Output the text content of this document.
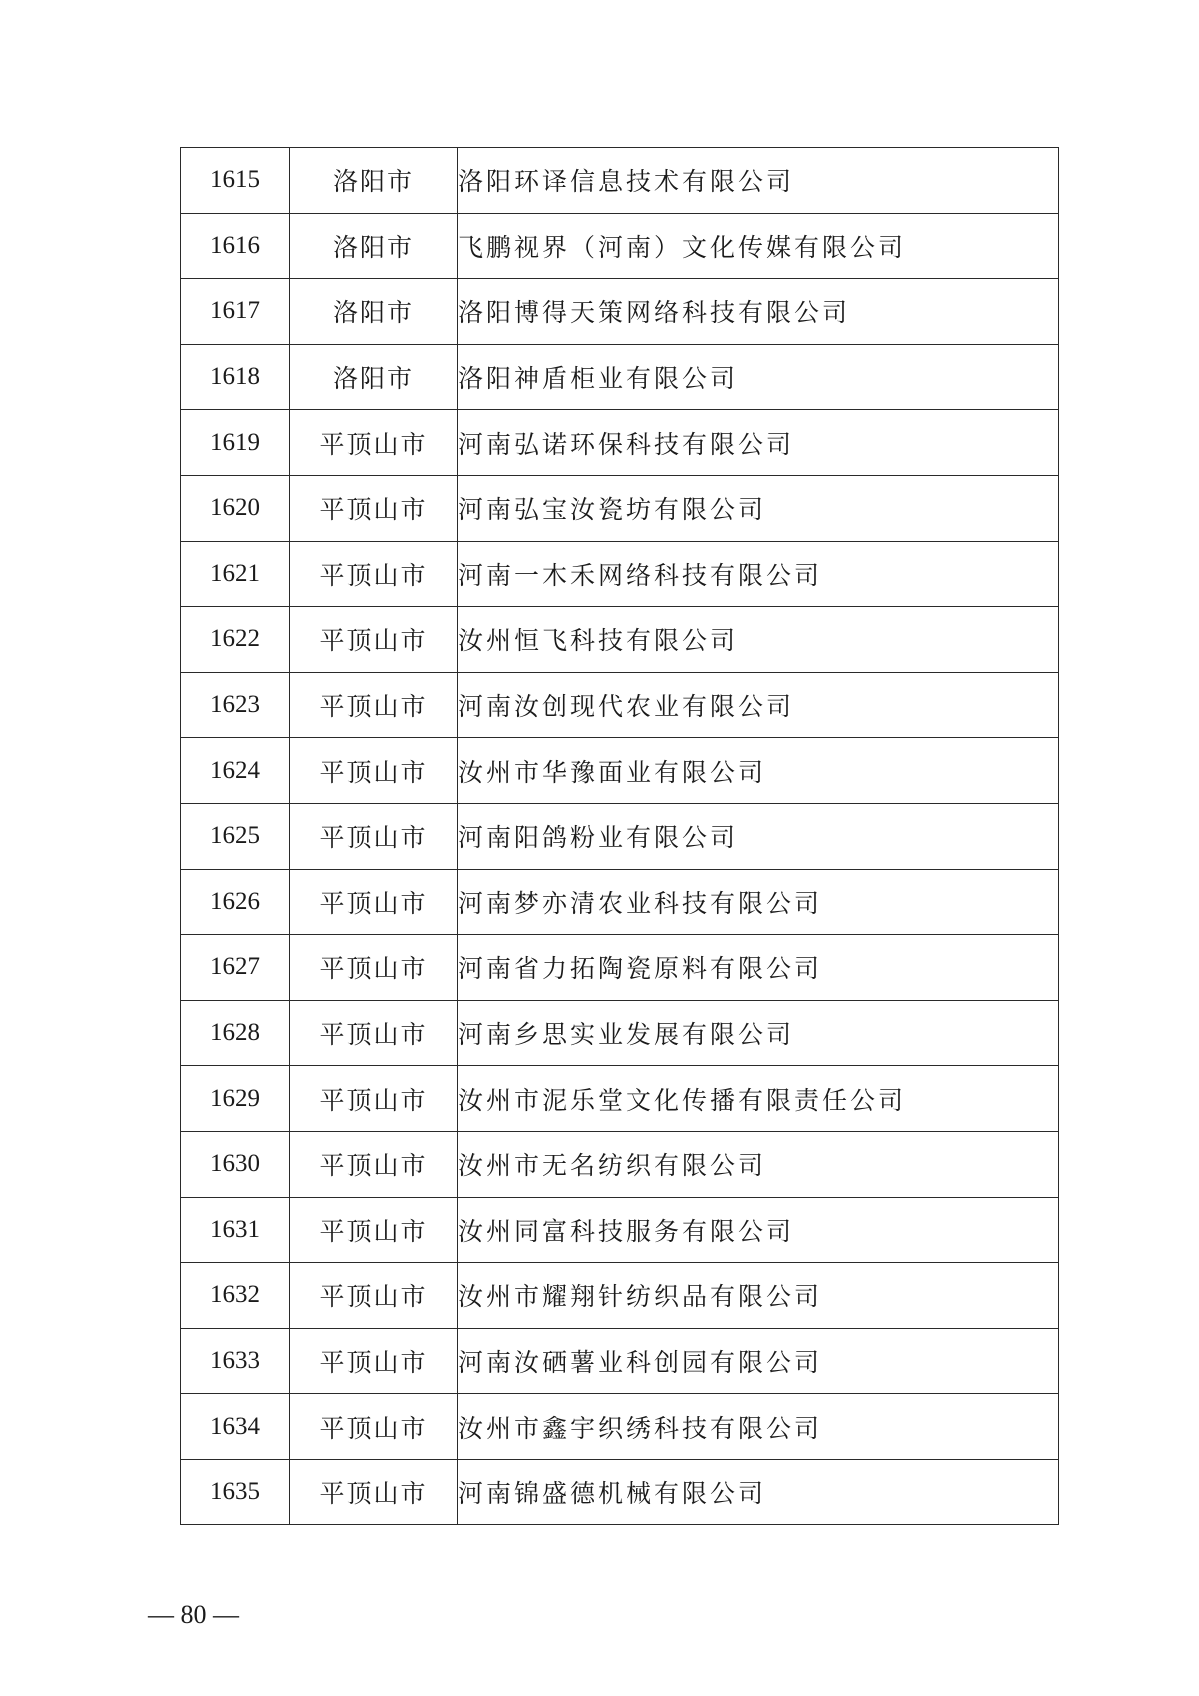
1615	洛阳市	洛阳环译信息技术有限公司
1616	洛阳市	飞鹏视界（河南）文化传媒有限公司
1617	洛阳市	洛阳博得天策网络科技有限公司
1618	洛阳市	洛阳神盾柜业有限公司
1619	平顶山市	河南弘诺环保科技有限公司
1620	平顶山市	河南弘宝汝瓷坊有限公司
1621	平顶山市	河南一木禾网络科技有限公司
1622	平顶山市	汝州恒飞科技有限公司
1623	平顶山市	河南汝创现代农业有限公司
1624	平顶山市	汝州市华豫面业有限公司
1625	平顶山市	河南阳鸽粉业有限公司
1626	平顶山市	河南梦亦清农业科技有限公司
1627	平顶山市	河南省力拓陶瓷原料有限公司
1628	平顶山市	河南乡思实业发展有限公司
1629	平顶山市	汝州市泥乐堂文化传播有限责任公司
1630	平顶山市	汝州市无名纺织有限公司
1631	平顶山市	汝州同富科技服务有限公司
1632	平顶山市	汝州市耀翔针纺织品有限公司
1633	平顶山市	河南汝硒薯业科创园有限公司
1634	平顶山市	汝州市鑫宇织绣科技有限公司
1635	平顶山市	河南锦盛德机械有限公司
— 80 —
